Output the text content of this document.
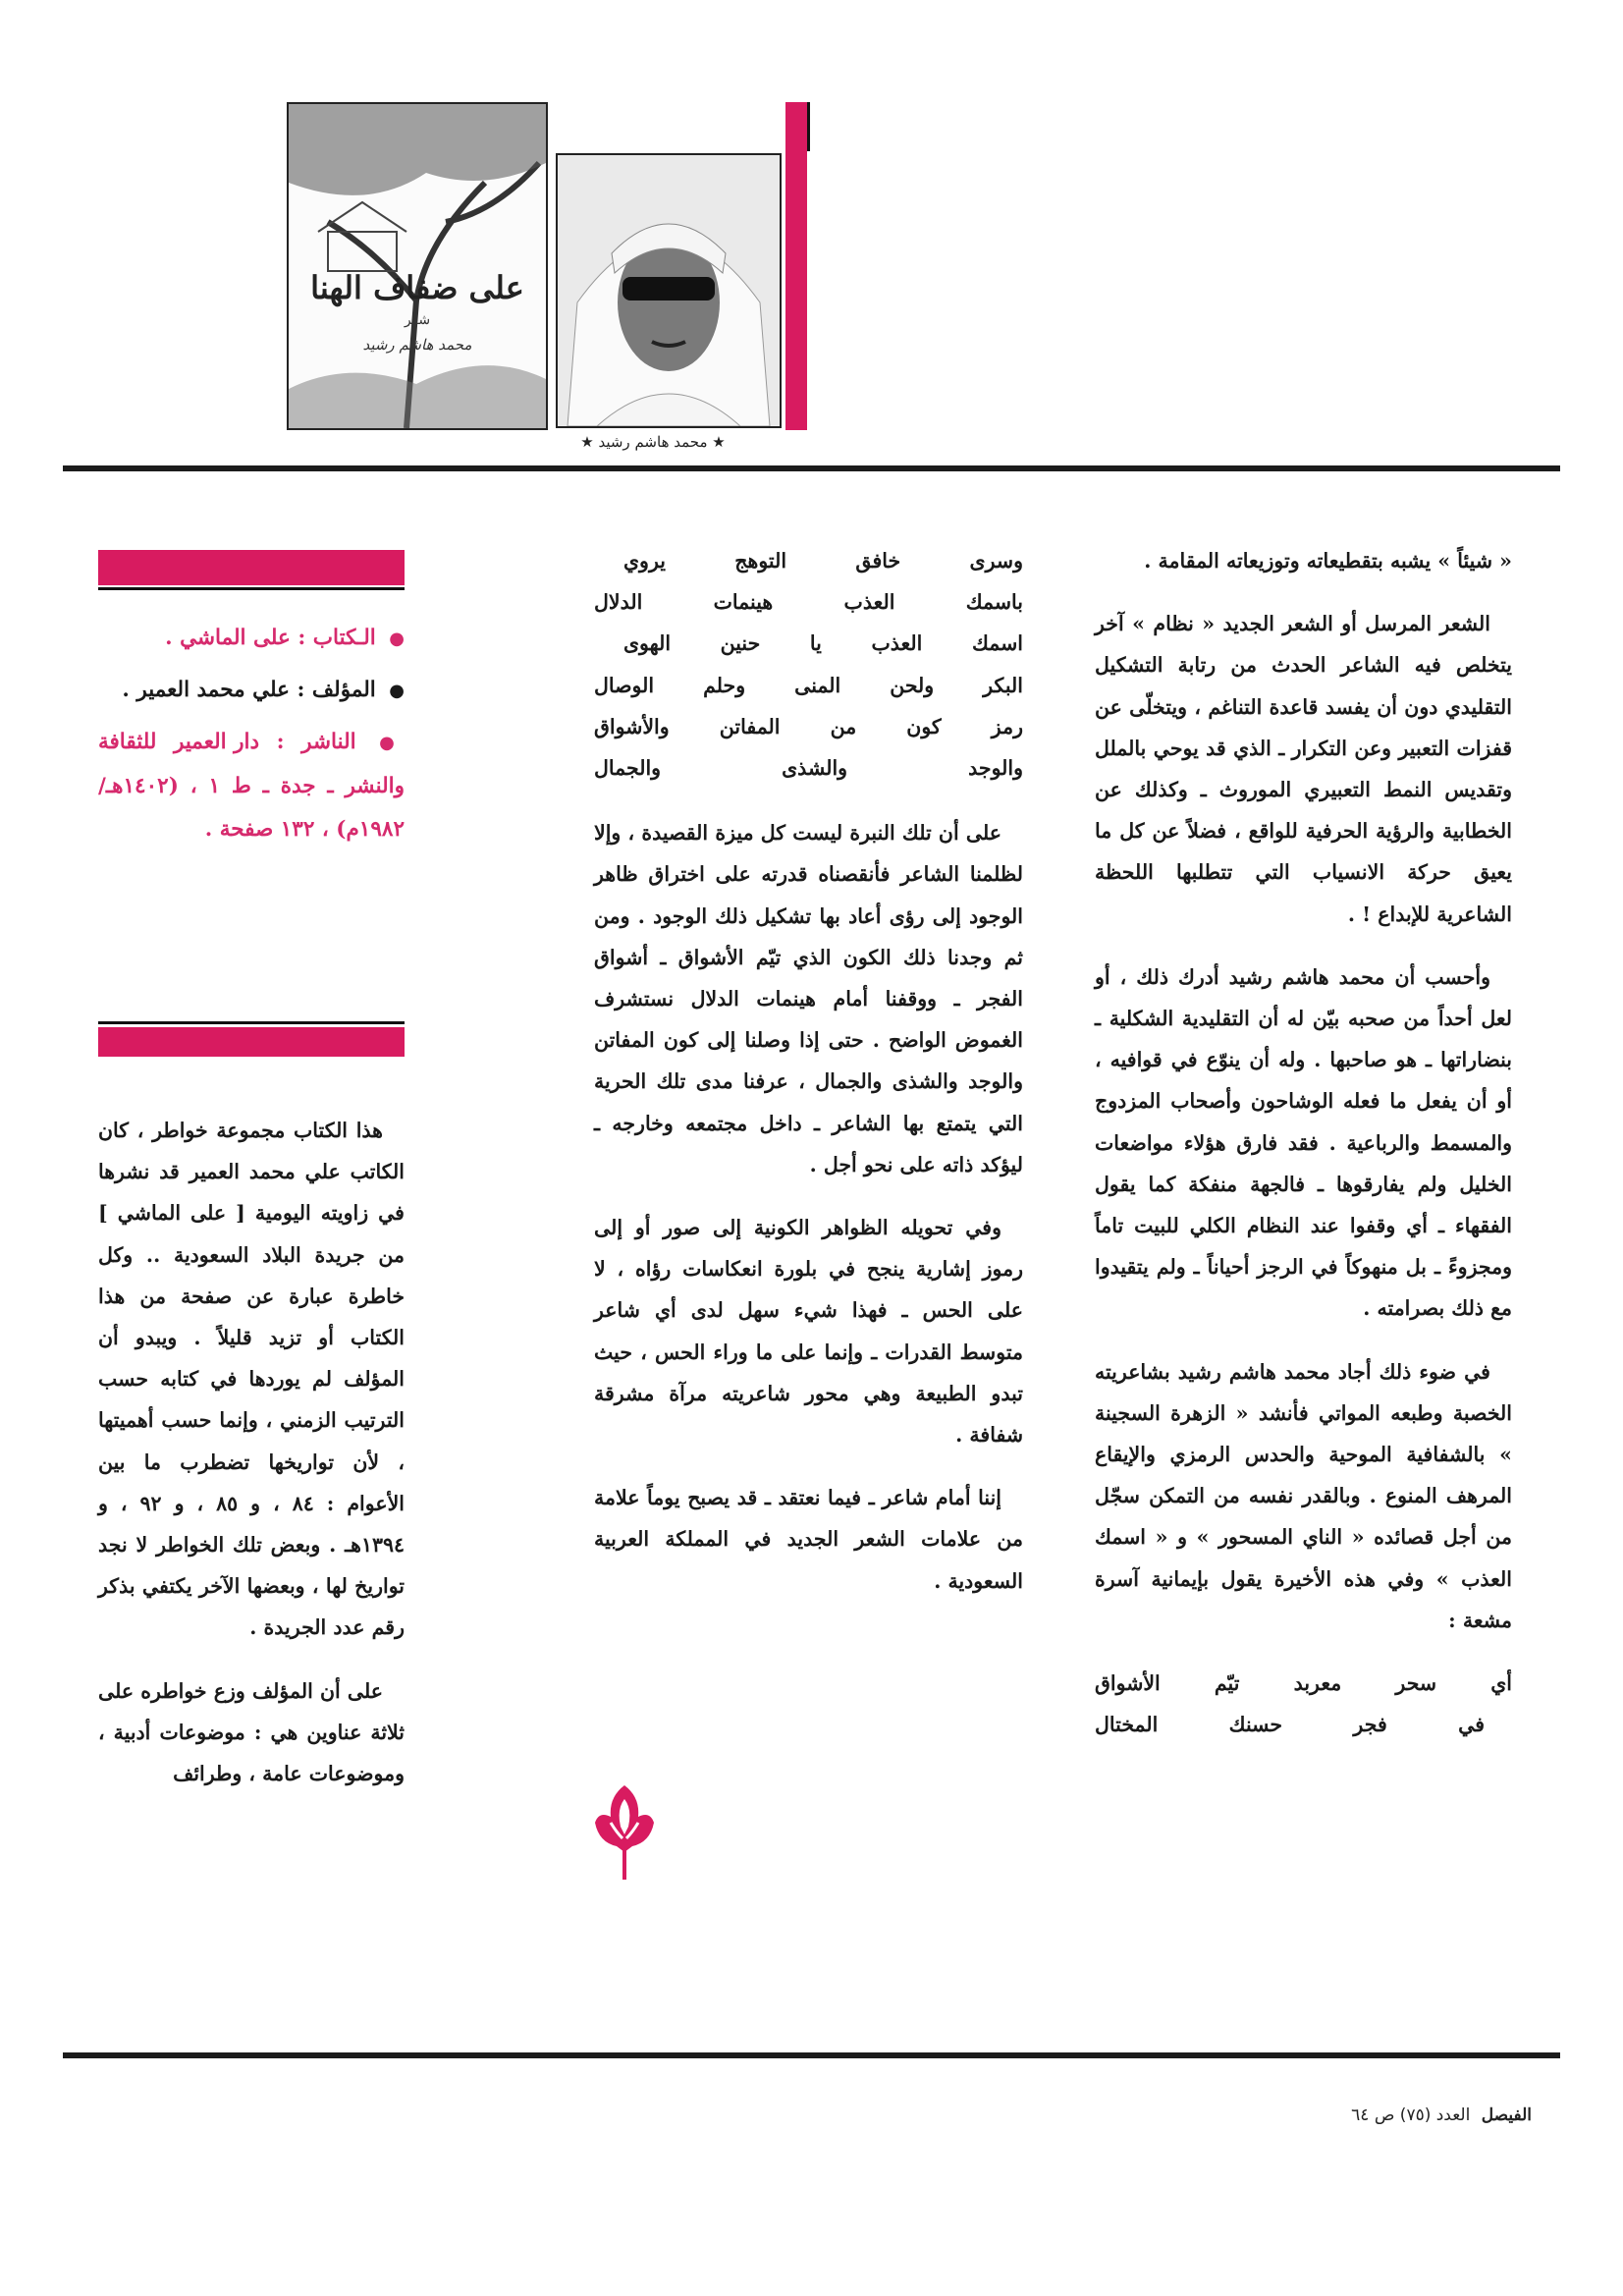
على ضفاف الهنا
شعر
محمد هاشم رشيد
★ محمد هاشم رشيد ★

« شيئاً » يشبه بتقطيعاته وتوزيعاته المقامة .

الشعر المرسل أو الشعر الجديد « نظام » آخر يتخلص فيه الشاعر الحدث من رتابة التشكيل التقليدي دون أن يفسد قاعدة التناغم ، ويتخلّى عن قفزات التعبير وعن التكرار ـ الذي قد يوحي بالملل وتقديس النمط التعبيري الموروث ـ وكذلك عن الخطابية والرؤية الحرفية للواقع ، فضلاً عن كل ما يعيق حركة الانسياب التي تتطلبها اللحظة الشاعرية للإبداع ! .

وأحسب أن محمد هاشم رشيد أدرك ذلك ، أو لعل أحداً من صحبه بيّن له أن التقليدية الشكلية ـ بنضاراتها ـ هو صاحبها . وله أن ينوّع في قوافيه ، أو أن يفعل ما فعله الوشاحون وأصحاب المزدوج والمسمط والرباعية . فقد فارق هؤلاء مواضعات الخليل ولم يفارقوها ـ فالجهة منفكة كما يقول الفقهاء ـ أي وقفوا عند النظام الكلي للبيت تاماً ومجزوءً ـ بل منهوكاً في الرجز أحياناً ـ ولم يتقيدوا مع ذلك بصرامته .

في ضوء ذلك أجاد محمد هاشم رشيد بشاعريته الخصبة وطبعه المواتي فأنشد « الزهرة السجينة » بالشفافية الموحية والحدس الرمزي والإيقاع المرهف المنوع . وبالقدر نفسه من التمكن سجّل من أجل قصائده « الناي المسحور » و « اسمك العذب » وفي هذه الأخيرة يقول بإيمانية آسرة مشعة :

أي سحر معربد تيّم الأشواق
في فجر حسنك المختال
وسرى خافق التوهج يروي
باسمك العذب هينمات الدلال
اسمك العذب يا حنين الهوى
البكر ولحن المنى وحلم الوصال
رمز كون من المفاتن والأشواق
والوجد والشذى والجمال

على أن تلك النبرة ليست كل ميزة القصيدة ، وإلا لظلمنا الشاعر فأنقصناه قدرته على اختراق ظاهر الوجود إلى رؤى أعاد بها تشكيل ذلك الوجود . ومن ثم وجدنا ذلك الكون الذي تيّم الأشواق ـ أشواق الفجر ـ ووقفنا أمام هينمات الدلال نستشرف الغموض الواضح . حتى إذا وصلنا إلى كون المفاتن والوجد والشذى والجمال ، عرفنا مدى تلك الحرية التي يتمتع بها الشاعر ـ داخل مجتمعه وخارجه ـ ليؤكد ذاته على نحو أجل .

وفي تحويله الظواهر الكونية إلى صور أو إلى رموز إشارية ينجح في بلورة انعكاسات رؤاه ، لا على الحس ـ فهذا شيء سهل لدى أي شاعر متوسط القدرات ـ وإنما على ما وراء الحس ، حيث تبدو الطبيعة وهي محور شاعريته مرآة مشرقة شفافة .

إننا أمام شاعر ـ فيما نعتقد ـ قد يصبح يوماً علامة من علامات الشعر الجديد في المملكة العربية السعودية .

● الـكتاب : على الماشي .

● المؤلف : علي محمد العمير .

● الناشر : دار العمير للثقافة والنشر ـ جدة ـ ط ١ ، (١٤٠٢هـ/ ١٩٨٢م) ، ١٣٢ صفحة .

هذا الكتاب مجموعة خواطر ، كان الكاتب علي محمد العمير قد نشرها في زاويته اليومية [ على الماشي ] من جريدة البلاد السعودية .. وكل خاطرة عبارة عن صفحة من هذا الكتاب أو تزيد قليلاً . ويبدو أن المؤلف لم يوردها في كتابه حسب الترتيب الزمني ، وإنما حسب أهميتها ، لأن تواريخها تضطرب ما بين الأعوام : ٨٤ ، و ٨٥ ، و ٩٢ ، و ١٣٩٤هـ . وبعض تلك الخواطر لا نجد تواريخ لها ، وبعضها الآخر يكتفي بذكر رقم عدد الجريدة .

على أن المؤلف وزع خواطره على ثلاثة عناوين هي : موضوعات أدبية ، وموضوعات عامة ، وطرائف

الفيصل العدد (٧٥) ص ٦٤
